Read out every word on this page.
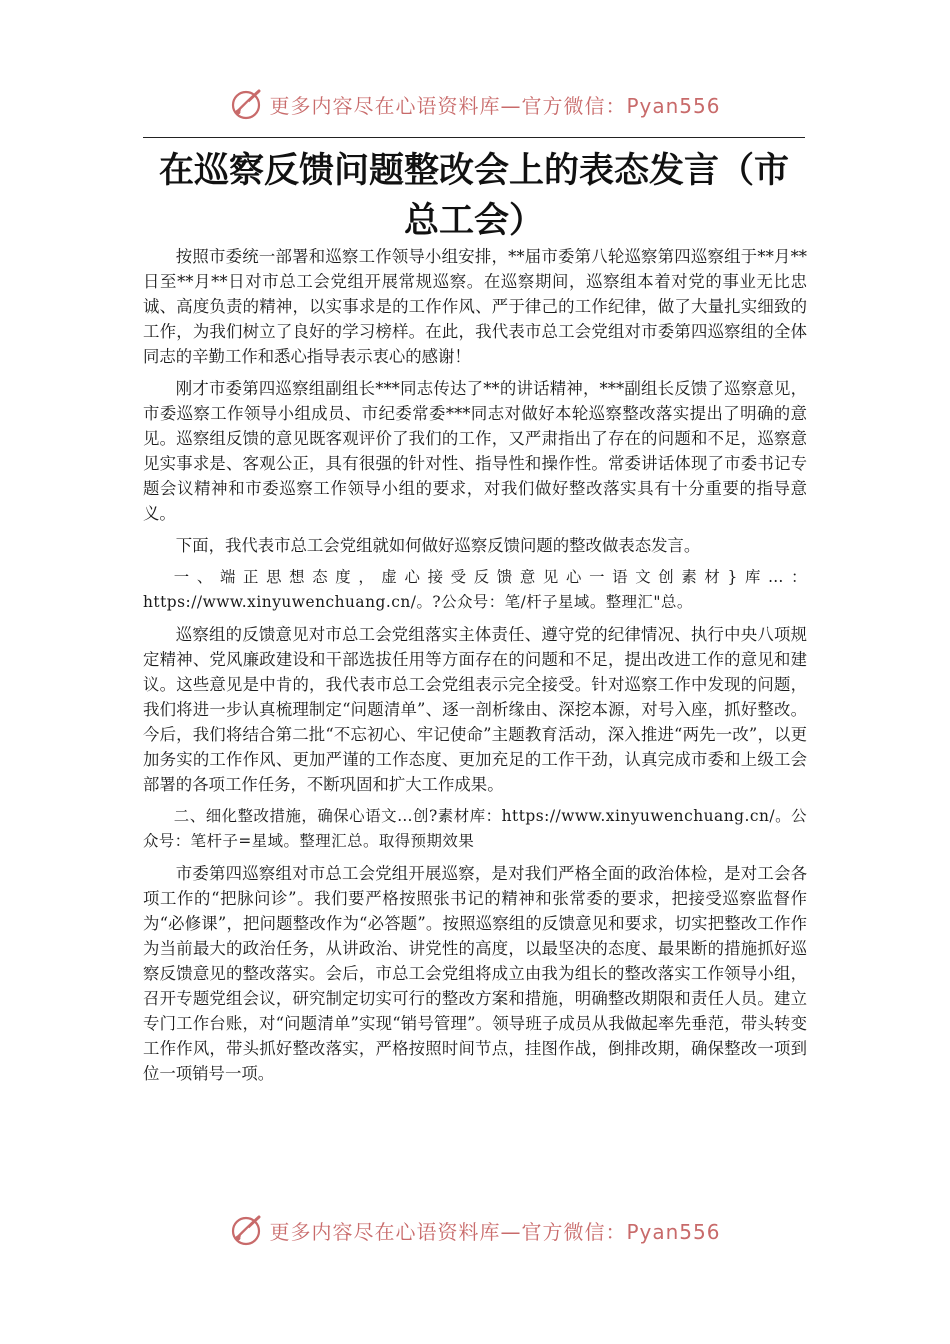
更多内容尽在心语资料库—官方微信：Pyan556
在巡察反馈问题整改会上的表态发言（市总工会）

按照市委统一部署和巡察工作领导小组安排，**届市委第八轮巡察第四巡察组于**月**日至**月**日对市总工会党组开展常规巡察。在巡察期间，巡察组本着对党的事业无比忠诚、高度负责的精神，以实事求是的工作作风、严于律己的工作纪律，做了大量扎实细致的工作，为我们树立了良好的学习榜样。在此，我代表市总工会党组对市委第四巡察组的全体同志的辛勤工作和悉心指导表示衷心的感谢！

刚才市委第四巡察组副组长***同志传达了**的讲话精神，***副组长反馈了巡察意见，市委巡察工作领导小组成员、市纪委常委***同志对做好本轮巡察整改落实提出了明确的意见。巡察组反馈的意见既客观评价了我们的工作，又严肃指出了存在的问题和不足，巡察意见实事求是、客观公正，具有很强的针对性、指导性和操作性。常委讲话体现了市委书记专题会议精神和市委巡察工作领导小组的要求，对我们做好整改落实具有十分重要的指导意义。

下面，我代表市总工会党组就如何做好巡察反馈问题的整改做表态发言。

一、端正思想态度，虚心接受反馈意见心一语文创素材}库…：https://www.xinyuwenchuang.cn/。?公众号：笔/杆子星域。整理汇"总。

巡察组的反馈意见对市总工会党组落实主体责任、遵守党的纪律情况、执行中央八项规定精神、党风廉政建设和干部选拔任用等方面存在的问题和不足，提出改进工作的意见和建议。这些意见是中肯的，我代表市总工会党组表示完全接受。针对巡察工作中发现的问题，我们将进一步认真梳理制定“问题清单”、逐一剖析缘由、深挖本源，对号入座，抓好整改。今后，我们将结合第二批“不忘初心、牢记使命”主题教育活动，深入推进“两先一改”，以更加务实的工作作风、更加严谨的工作态度、更加充足的工作干劲，认真完成市委和上级工会部署的各项工作任务，不断巩固和扩大工作成果。

二、细化整改措施，确保心语文…创?素材库：https://www.xinyuwenchuang.cn/。公众号：笔杆子=星域。整理汇总。取得预期效果

市委第四巡察组对市总工会党组开展巡察，是对我们严格全面的政治体检，是对工会各项工作的“把脉问诊”。我们要严格按照张书记的精神和张常委的要求，把接受巡察监督作为“必修课”，把问题整改作为“必答题”。按照巡察组的反馈意见和要求，切实把整改工作作为当前最大的政治任务，从讲政治、讲党性的高度，以最坚决的态度、最果断的措施抓好巡察反馈意见的整改落实。会后，市总工会党组将成立由我为组长的整改落实工作领导小组，召开专题党组会议，研究制定切实可行的整改方案和措施，明确整改期限和责任人员。建立专门工作台账，对“问题清单”实现“销号管理”。领导班子成员从我做起率先垂范，带头转变工作作风，带头抓好整改落实，严格按照时间节点，挂图作战，倒排改期，确保整改一项到位一项销号一项。

更多内容尽在心语资料库—官方微信：Pyan556
